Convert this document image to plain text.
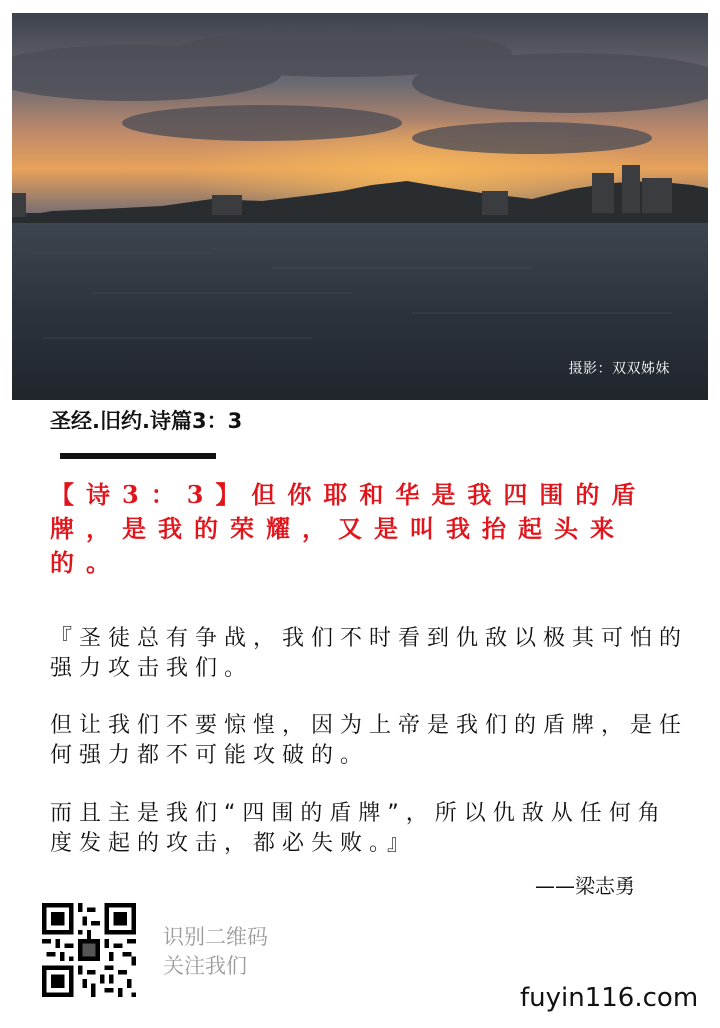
摄影：双双姊妹
圣经.旧约.诗篇3：3
【诗3：3】但你耶和华是我四围的盾牌，是我的荣耀，又是叫我抬起头来的。
『圣徒总有争战，我们不时看到仇敌以极其可怕的强力攻击我们。
但让我们不要惊惶，因为上帝是我们的盾牌，是任何强力都不可能攻破的。
而且主是我们“四围的盾牌”，所以仇敌从任何角度发起的攻击，都必失败。』
——梁志勇
识别二维码
关注我们
fuyin116.com
